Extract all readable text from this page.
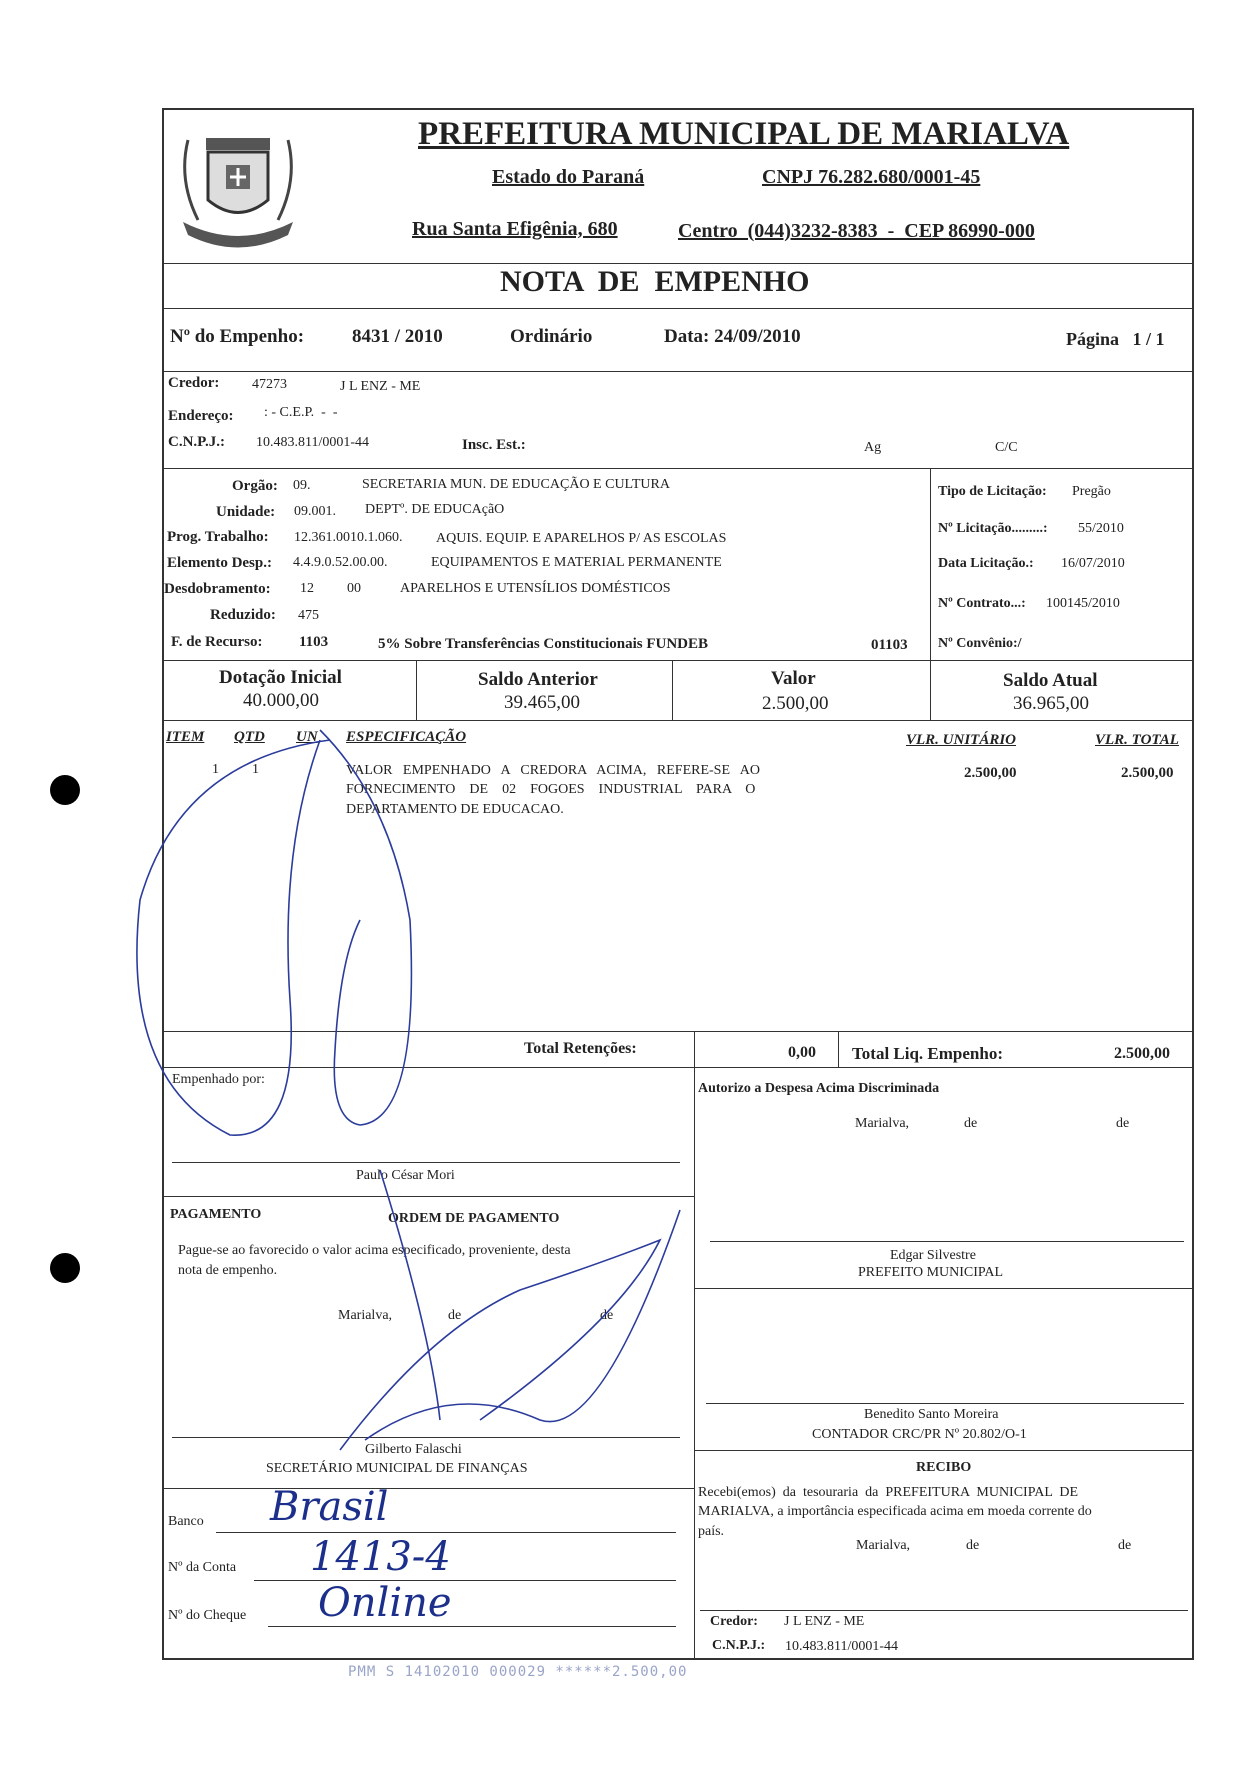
PREFEITURA MUNICIPAL DE MARIALVA
Estado do Paraná	CNPJ 76.282.680/0001-45
Rua Santa Efigênia, 680	Centro  (044)3232-8383  -  CEP 86990-000
NOTA  DE  EMPENHO
Nº do Empenho:	8431 / 2010	Ordinário	Data: 24/09/2010	Página   1 / 1
Credor: 47273	J L ENZ - ME
Endereço: : - C.E.P.  -  -
C.N.P.J.: 10.483.811/0001-44	Insc. Est.:	Ag	C/C
Orgão: 09.	SECRETARIA MUN. DE EDUCAÇÃO E CULTURA
Unidade: 09.001. DEPTº. DE EDUCAçãO
Prog. Trabalho: 12.361.0010.1.060. AQUIS. EQUIP. E APARELHOS P/ AS ESCOLAS
Elemento Desp.: 4.4.9.0.52.00.00.	EQUIPAMENTOS E MATERIAL PERMANENTE
Desdobramento: 12 00	APARELHOS E UTENSÍLIOS DOMÉSTICOS
Reduzido: 475
F. de Recurso: 1103	5% Sobre Transferências Constitucionais FUNDEB	01103
Tipo de Licitação: Pregão
Nº Licitação.........: 55/2010
Data Licitação.: 16/07/2010
Nº Contrato...: 100145/2010
Nº Convênio:/
Dotação Inicial
40.000,00
Saldo Anterior
39.465,00
Valor
2.500,00
Saldo Atual
36.965,00
ITEM QTD UN ESPECIFICAÇÃO	VLR. UNITÁRIO	VLR. TOTAL
1 1	VALOR   EMPENHADO   A   CREDORA   ACIMA,   REFERE-SE   AO
FORNECIMENTO    DE    02    FOGOES    INDUSTRIAL    PARA    O
DEPARTAMENTO DE EDUCACAO.
2.500,00	2.500,00
Total Retenções:	0,00 Total Liq. Empenho:	2.500,00
Empenhado por:
Paulo César Mori
Autorizo a Despesa Acima Discriminada
Marialva,	de	de
Edgar Silvestre
PREFEITO MUNICIPAL
PAGAMENTO	ORDEM DE PAGAMENTO
Pague-se ao favorecido o valor acima especificado, proveniente, desta
nota de empenho.
Marialva,	de	de
Gilberto Falaschi
SECRETÁRIO MUNICIPAL DE FINANÇAS
Banco Brasil
Nº da Conta 1413-4
Nº do Cheque Online
Benedito Santo Moreira
CONTADOR CRC/PR Nº 20.802/O-1
RECIBO
Recebi(emos)  da  tesouraria  da  PREFEITURA  MUNICIPAL  DE
MARIALVA, a importância especificada acima em moeda corrente do
país.
Marialva,	de	de
Credor: J L ENZ - ME
C.N.P.J.: 10.483.811/0001-44
PMM S 14102010 000029 ******2.500,00
